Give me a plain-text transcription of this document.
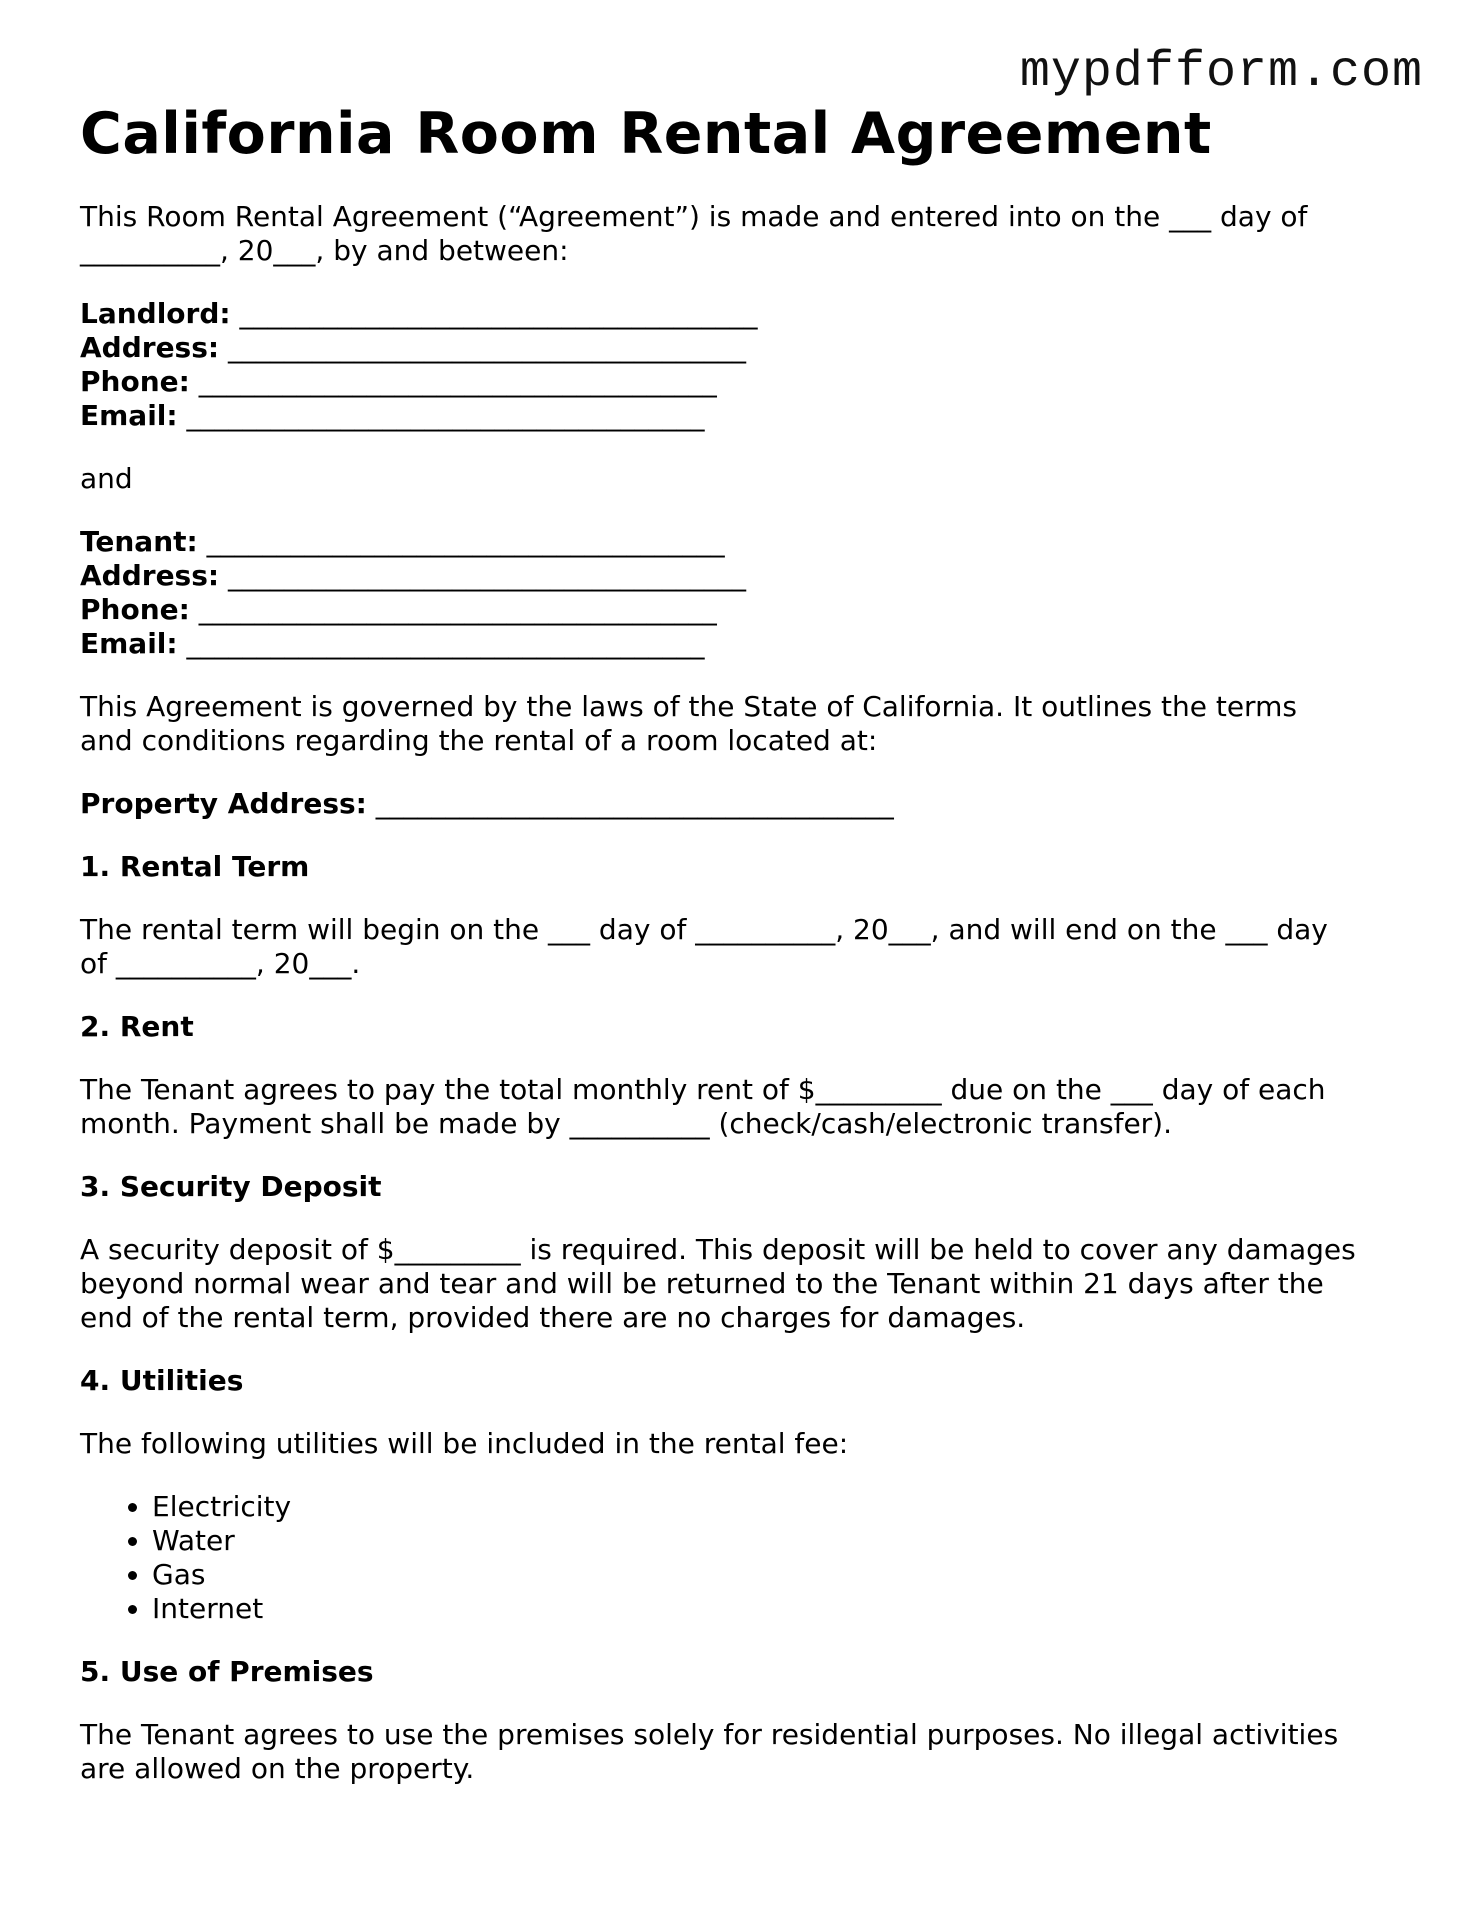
mypdfform.com
California Room Rental Agreement

This Room Rental Agreement (“Agreement”) is made and entered into on the ___ day of

__________, 20___, by and between:

Landlord: _____________________________________

Address: _____________________________________

Phone: _____________________________________

Email: _____________________________________

and

Tenant: _____________________________________

Address: _____________________________________

Phone: _____________________________________

Email: _____________________________________

This Agreement is governed by the laws of the State of California. It outlines the terms

and conditions regarding the rental of a room located at:

Property Address: _____________________________________

1. Rental Term

The rental term will begin on the ___ day of __________, 20___, and will end on the ___ day

of __________, 20___.

2. Rent

The Tenant agrees to pay the total monthly rent of $_________ due on the ___ day of each

month. Payment shall be made by __________ (check/cash/electronic transfer).

3. Security Deposit

A security deposit of $_________ is required. This deposit will be held to cover any damages

beyond normal wear and tear and will be returned to the Tenant within 21 days after the

end of the rental term, provided there are no charges for damages.

4. Utilities

The following utilities will be included in the rental fee:

• Electricity
• Water
• Gas
• Internet

5. Use of Premises

The Tenant agrees to use the premises solely for residential purposes. No illegal activities

are allowed on the property.
